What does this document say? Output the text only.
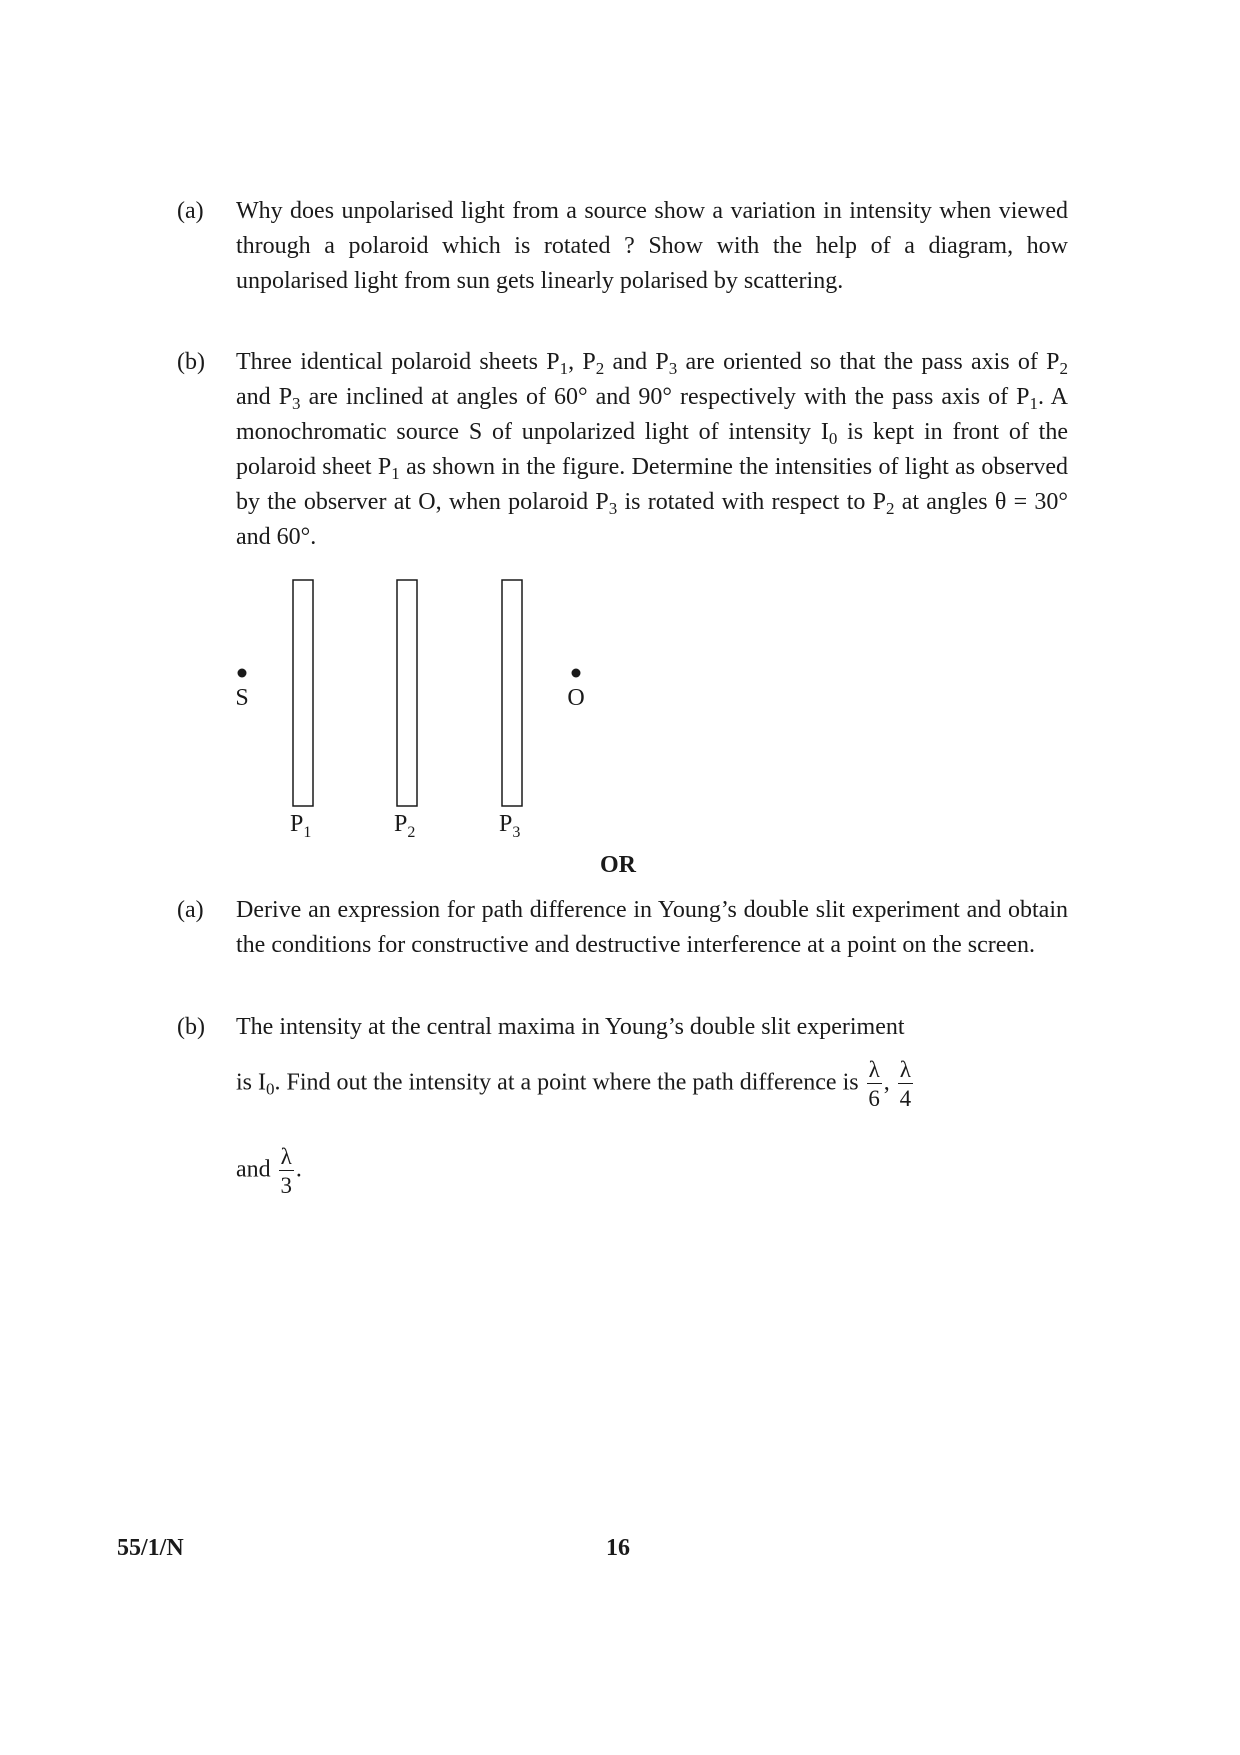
(a) Why does unpolarised light from a source show a variation in intensity when viewed through a polaroid which is rotated ? Show with the help of a diagram, how unpolarised light from sun gets linearly polarised by scattering.
(b) Three identical polaroid sheets $P_1$, $P_2$ and $P_3$ are oriented so that the pass axis of $P_2$ and $P_3$ are inclined at angles of 60° and 90° respectively with the pass axis of $P_1$. A monochromatic source S of unpolarized light of intensity $I_0$ is kept in front of the polaroid sheet $P_1$ as shown in the figure. Determine the intensities of light as observed by the observer at O, when polaroid $P_3$ is rotated with respect to $P_2$ at angles θ = 30° and 60°.
S	O
$P_1$	$P_2$	$P_3$
OR
(a) Derive an expression for path difference in Young’s double slit experiment and obtain the conditions for constructive and destructive interference at a point on the screen.
(b) The intensity at the central maxima in Young’s double slit experiment
is $I_0$. Find out the intensity at a point where the path difference is $\frac{\lambda}{6}$ , $\frac{\lambda}{4}$
and $\frac{\lambda}{3}$ .
55/1/N	16
